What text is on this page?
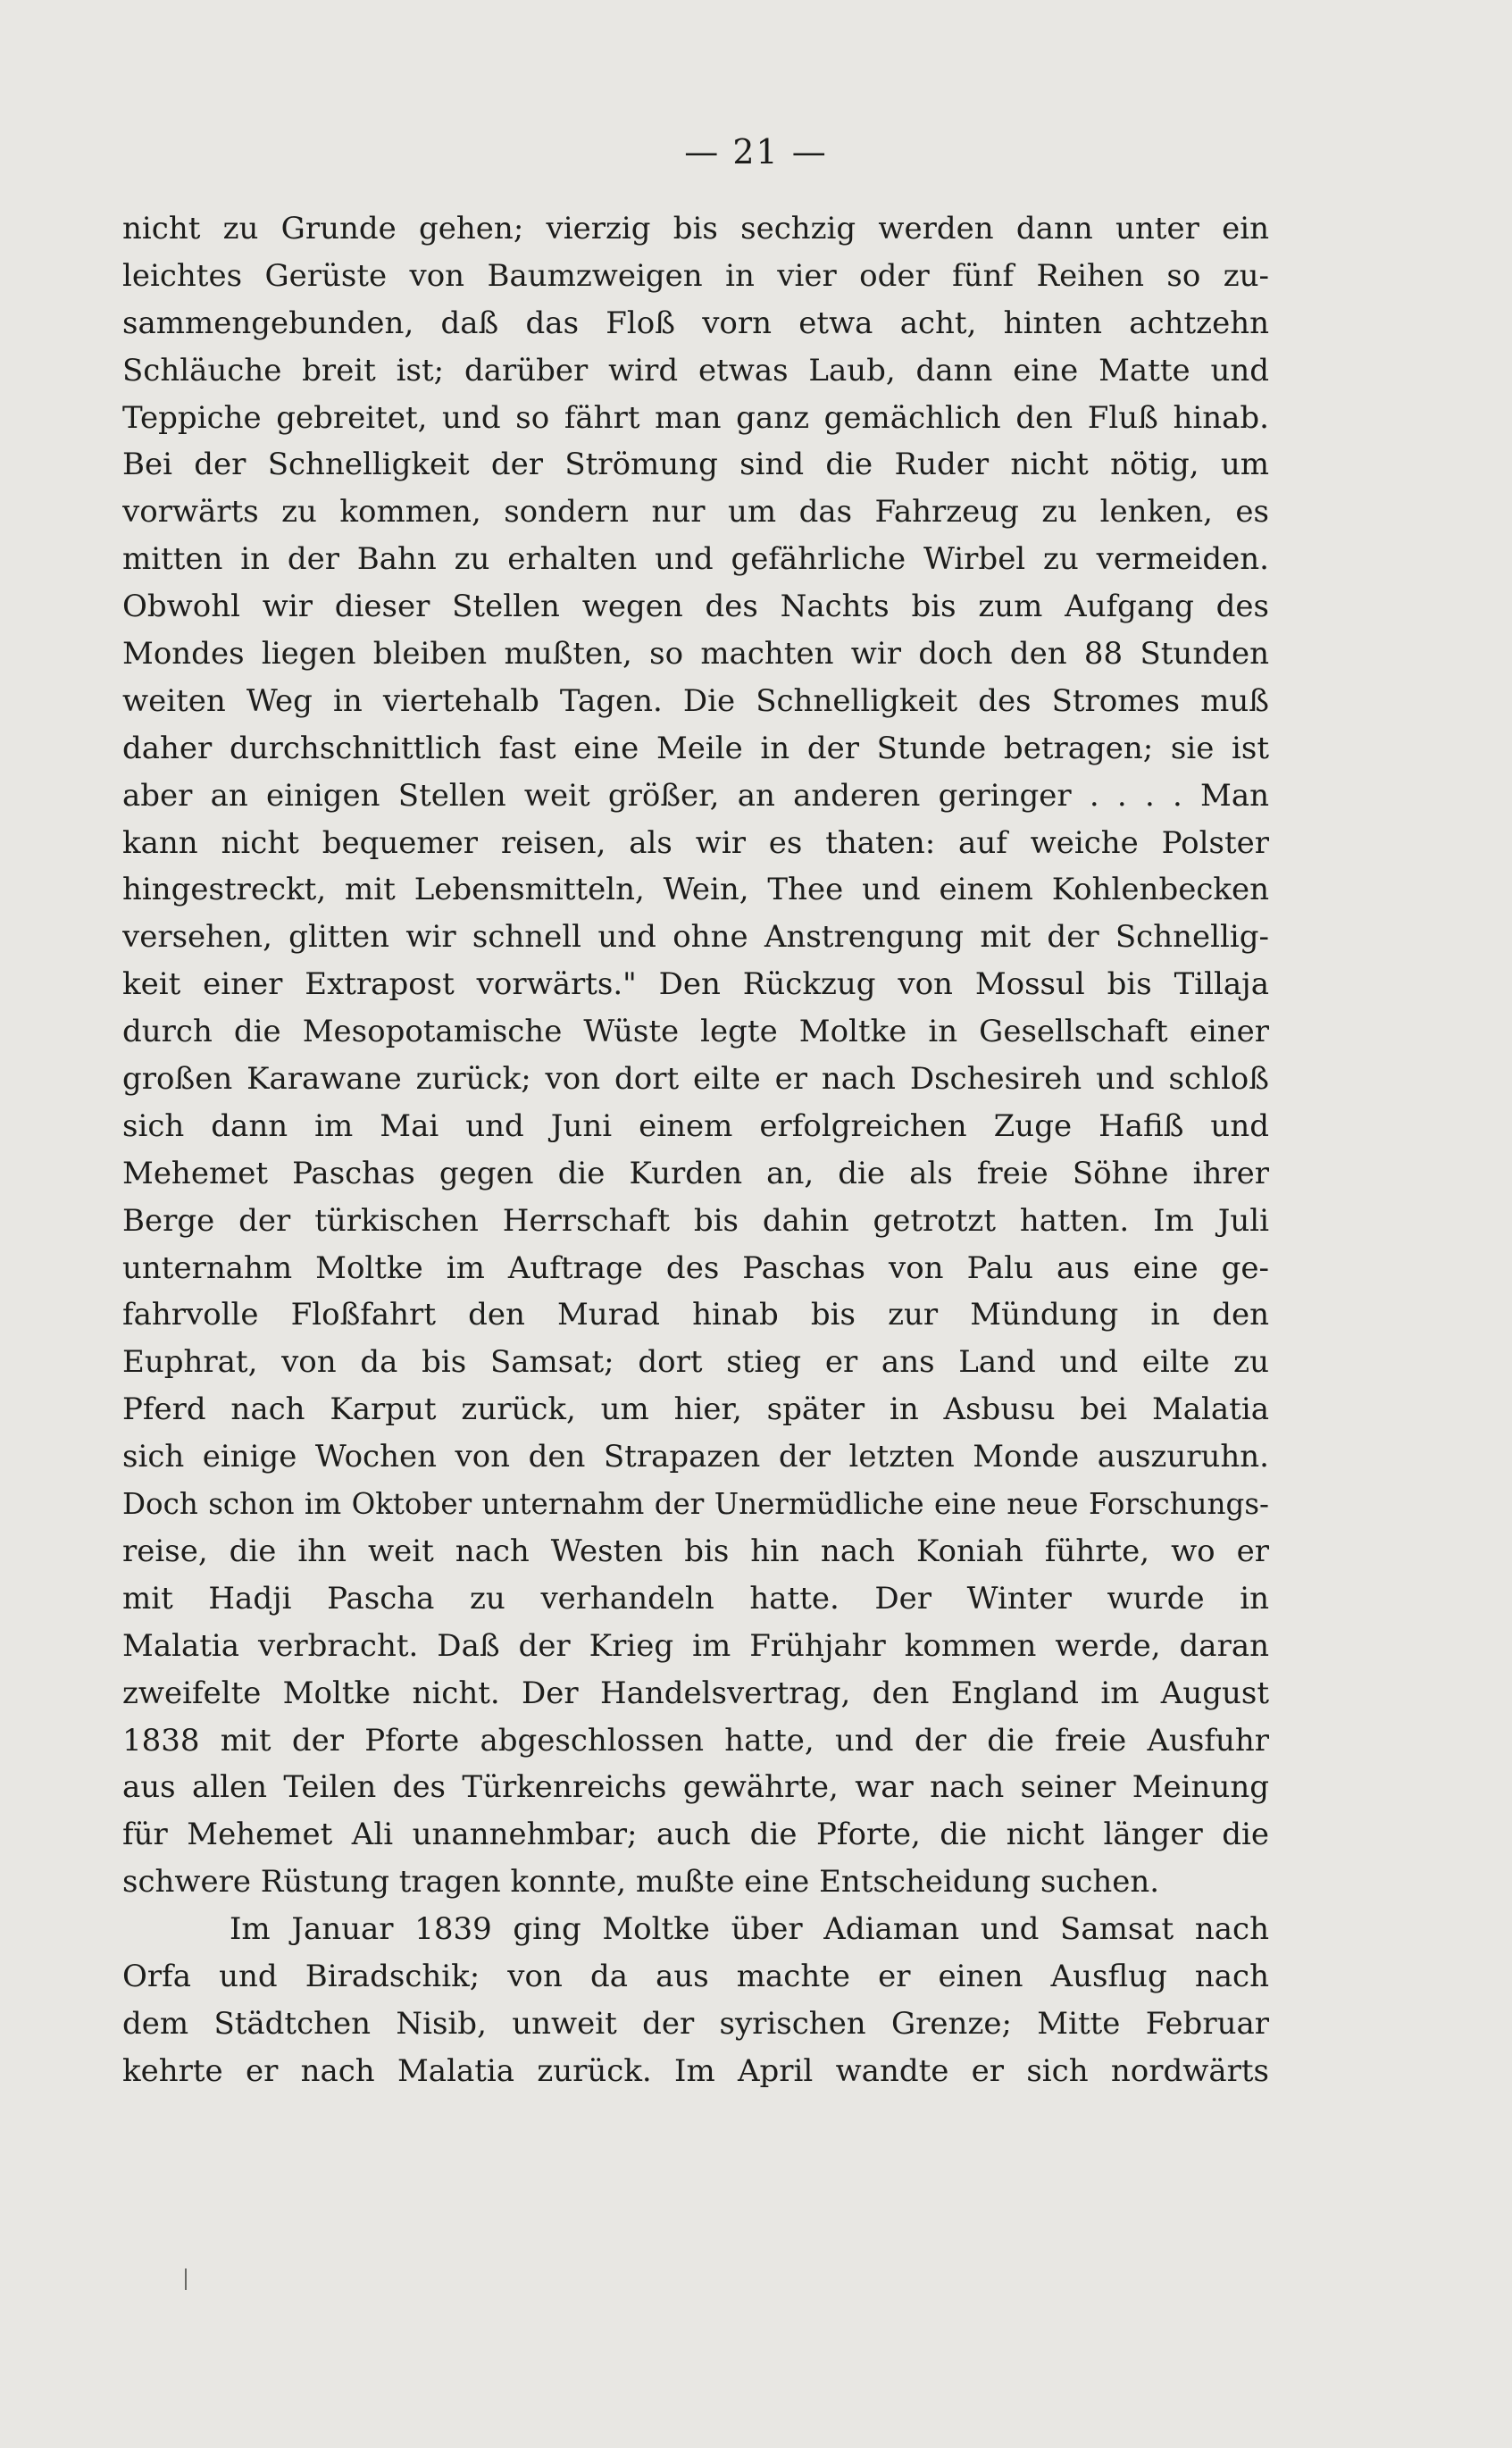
— 21 —
nicht zu Grunde gehen; vierzig bis sechzig werden dann unter ein
leichtes Gerüste von Baumzweigen in vier oder fünf Reihen so zu-
sammengebunden, daß das Floß vorn etwa acht, hinten achtzehn
Schläuche breit ist; darüber wird etwas Laub, dann eine Matte und
Teppiche gebreitet, und so fährt man ganz gemächlich den Fluß hinab.
Bei der Schnelligkeit der Strömung sind die Ruder nicht nötig, um
vorwärts zu kommen, sondern nur um das Fahrzeug zu lenken, es
mitten in der Bahn zu erhalten und gefährliche Wirbel zu vermeiden.
Obwohl wir dieser Stellen wegen des Nachts bis zum Aufgang des
Mondes liegen bleiben mußten, so machten wir doch den 88 Stunden
weiten Weg in viertehalb Tagen. Die Schnelligkeit des Stromes muß
daher durchschnittlich fast eine Meile in der Stunde betragen; sie ist
aber an einigen Stellen weit größer, an anderen geringer . . . . Man
kann nicht bequemer reisen, als wir es thaten: auf weiche Polster
hingestreckt, mit Lebensmitteln, Wein, Thee und einem Kohlenbecken
versehen, glitten wir schnell und ohne Anstrengung mit der Schnellig-
keit einer Extrapost vorwärts." Den Rückzug von Mossul bis Tillaja
durch die Mesopotamische Wüste legte Moltke in Gesellschaft einer
großen Karawane zurück; von dort eilte er nach Dschesireh und schloß
sich dann im Mai und Juni einem erfolgreichen Zuge Hafiß und
Mehemet Paschas gegen die Kurden an, die als freie Söhne ihrer
Berge der türkischen Herrschaft bis dahin getrotzt hatten. Im Juli
unternahm Moltke im Auftrage des Paschas von Palu aus eine ge-
fahrvolle Floßfahrt den Murad hinab bis zur Mündung in den
Euphrat, von da bis Samsat; dort stieg er ans Land und eilte zu
Pferd nach Karput zurück, um hier, später in Asbusu bei Malatia
sich einige Wochen von den Strapazen der letzten Monde auszuruhn.
Doch schon im Oktober unternahm der Unermüdliche eine neue Forschungs-
reise, die ihn weit nach Westen bis hin nach Koniah führte, wo er
mit Hadji Pascha zu verhandeln hatte. Der Winter wurde in
Malatia verbracht. Daß der Krieg im Frühjahr kommen werde, daran
zweifelte Moltke nicht. Der Handelsvertrag, den England im August
1838 mit der Pforte abgeschlossen hatte, und der die freie Ausfuhr
aus allen Teilen des Türkenreichs gewährte, war nach seiner Meinung
für Mehemet Ali unannehmbar; auch die Pforte, die nicht länger die
schwere Rüstung tragen konnte, mußte eine Entscheidung suchen.
Im Januar 1839 ging Moltke über Adiaman und Samsat nach
Orfa und Biradschik; von da aus machte er einen Ausflug nach
dem Städtchen Nisib, unweit der syrischen Grenze; Mitte Februar
kehrte er nach Malatia zurück. Im April wandte er sich nordwärts
